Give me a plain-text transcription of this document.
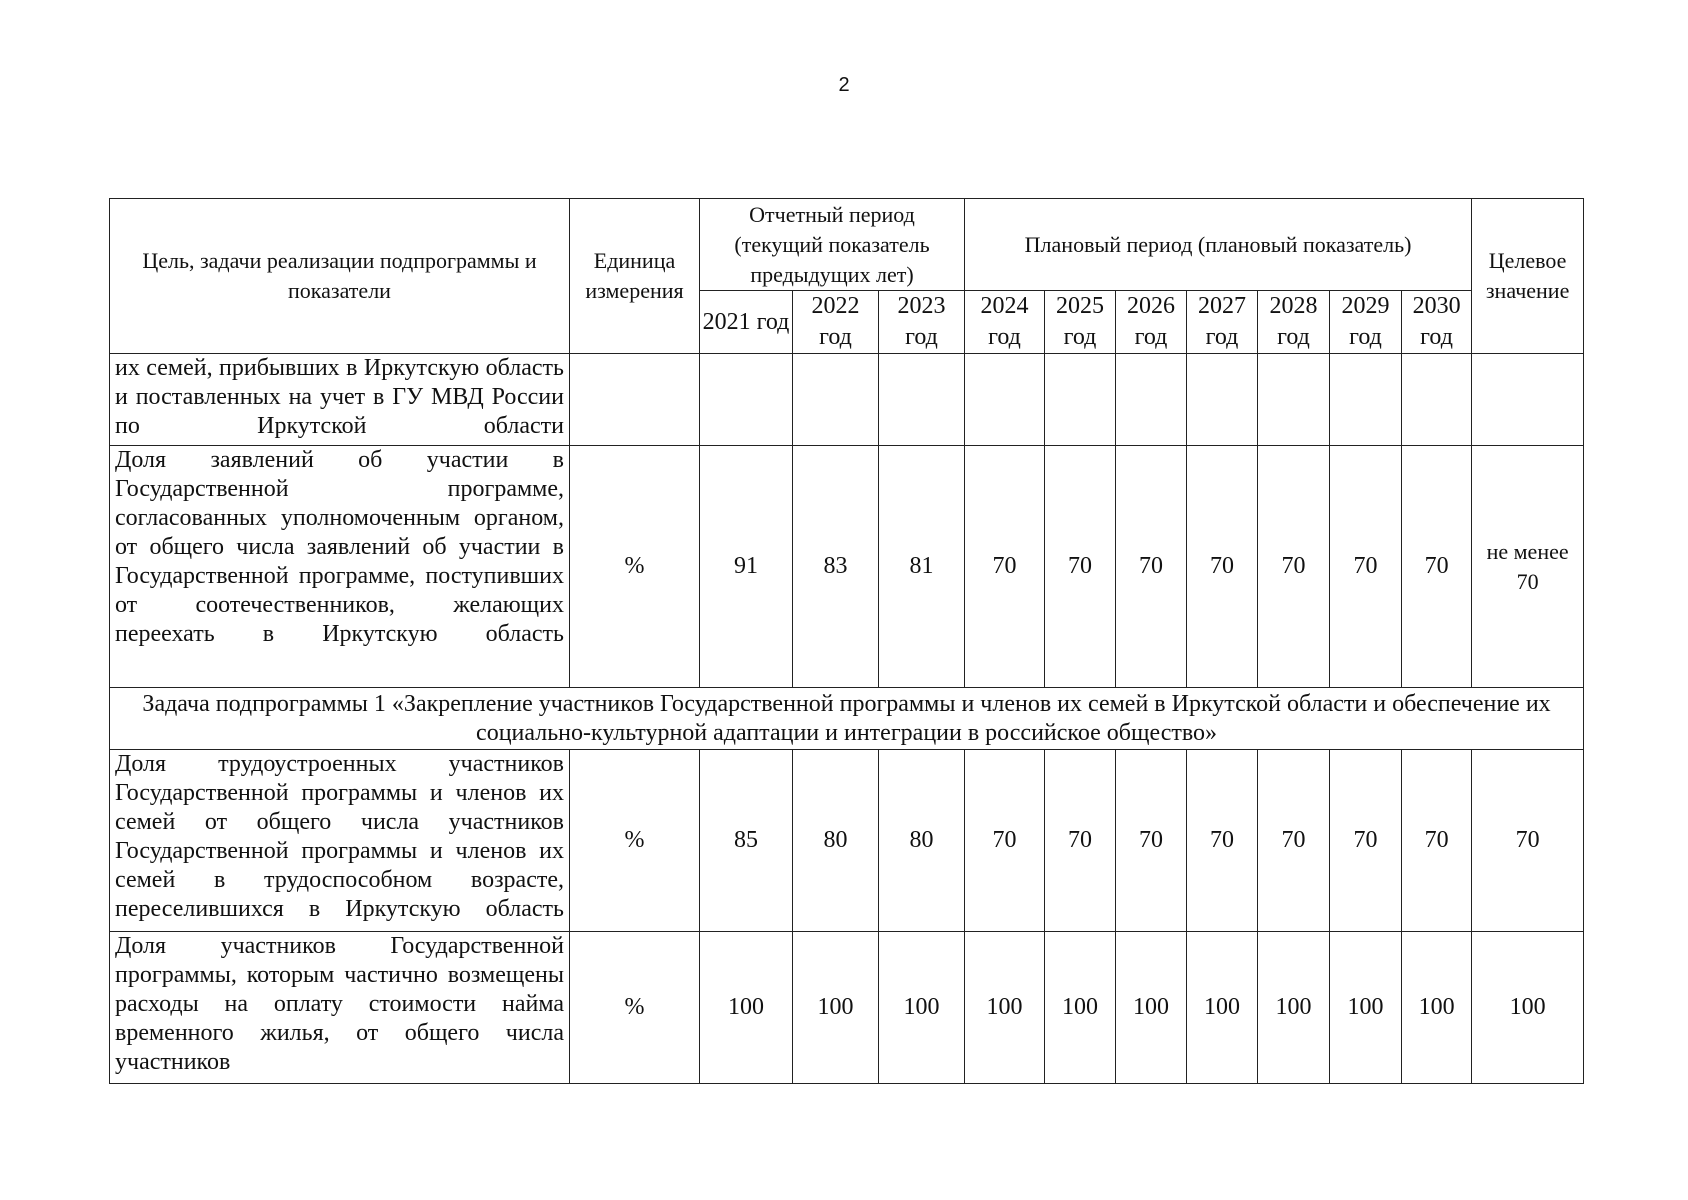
2
Цель, задачи реализации подпрограммы и показатели	Единица измерения	Отчетный период (текущий показатель предыдущих лет)			Плановый период (плановый показатель)							Целевое значение
		2021 год	2022 год	2023 год	2024 год	2025 год	2026 год	2027 год	2028 год	2029 год	2030 год	
их семей, прибывших в Иркутскую область и поставленных на учет в ГУ МВД России по Иркутской области												
Доля заявлений об участии в Государственной программе, согласованных уполномоченным органом, от общего числа заявлений об участии в Государственной программе, поступивших от соотечественников, желающих переехать в Иркутскую область	%	91	83	81	70	70	70	70	70	70	70	не менее 70
Задача подпрограммы 1 «Закрепление участников Государственной программы и членов их семей в Иркутской области и обеспечение их социально-культурной адаптации и интеграции в российское общество»												
Доля трудоустроенных участников Государственной программы и членов их семей от общего числа участников Государственной программы и членов их семей в трудоспособном возрасте, переселившихся в Иркутскую область	%	85	80	80	70	70	70	70	70	70	70	70
Доля участников Государственной программы, которым частично возмещены расходы на оплату стоимости найма временного жилья, от общего числа участников	%	100	100	100	100	100	100	100	100	100	100	100
